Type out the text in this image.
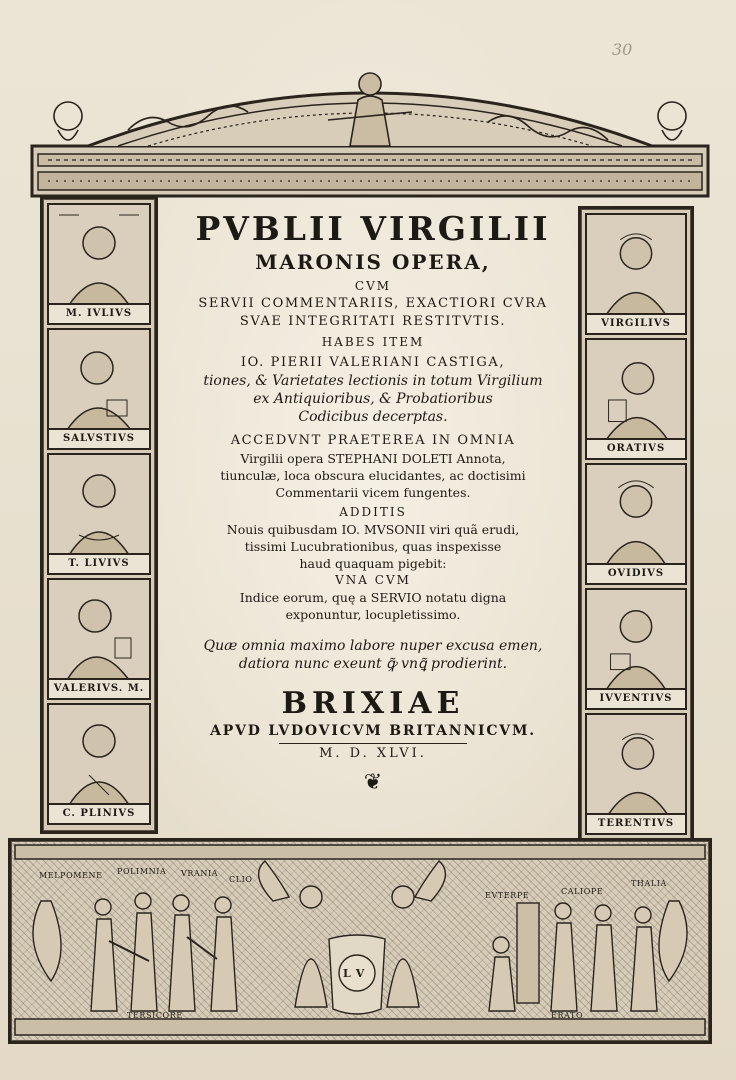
30
M. IVLIVS
SALVSTIVS
T. LIVIVS
VALERIVS. M.
C. PLINIVS
VIRGILIVS
ORATIVS
OVIDIVS
IVVENTIVS
TERENTIVS
PVBLII VIRGILII
MARONIS OPERA,
CVM
SERVII COMMENTARIIS, EXACTIORI CVRA
SVAE INTEGRITATI RESTITVTIS.
HABES ITEM
IO. PIERII VALERIANI CASTIGA,
tiones, & Varietates lectionis in totum Virgilium
ex Antiquioribus, & Probatioribus
Codicibus decerptas.
ACCEDVNT PRAETEREA IN OMNIA
Virgilii opera STEPHANI DOLETI Annota,
tiunculæ, loca obscura elucidantes, ac doctisimi
Commentarii vicem fungentes.
ADDITIS
Nouis quibusdam IO. MVSONII viri quã erudi,
tissimi Lucubrationibus, quas inspexisse
haud quaquam pigebit:
VNA CVM
Indice eorum, quę a SERVIO notatu digna
exponuntur, locupletissimo.
Quæ omnia maximo labore nuper excusa emen,
datiora nunc exeunt ꝙ̃ vnꝗ̃ prodierint.
BRIXIAE
APVD LVDOVICVM BRITANNICVM.
M. D. XLVI.
❦
MELPOMENE POLIMNIA VRANIA
CLIO
EVTERPE	CALIOPE
THALIA
TERSICORE	ERATO
L V
